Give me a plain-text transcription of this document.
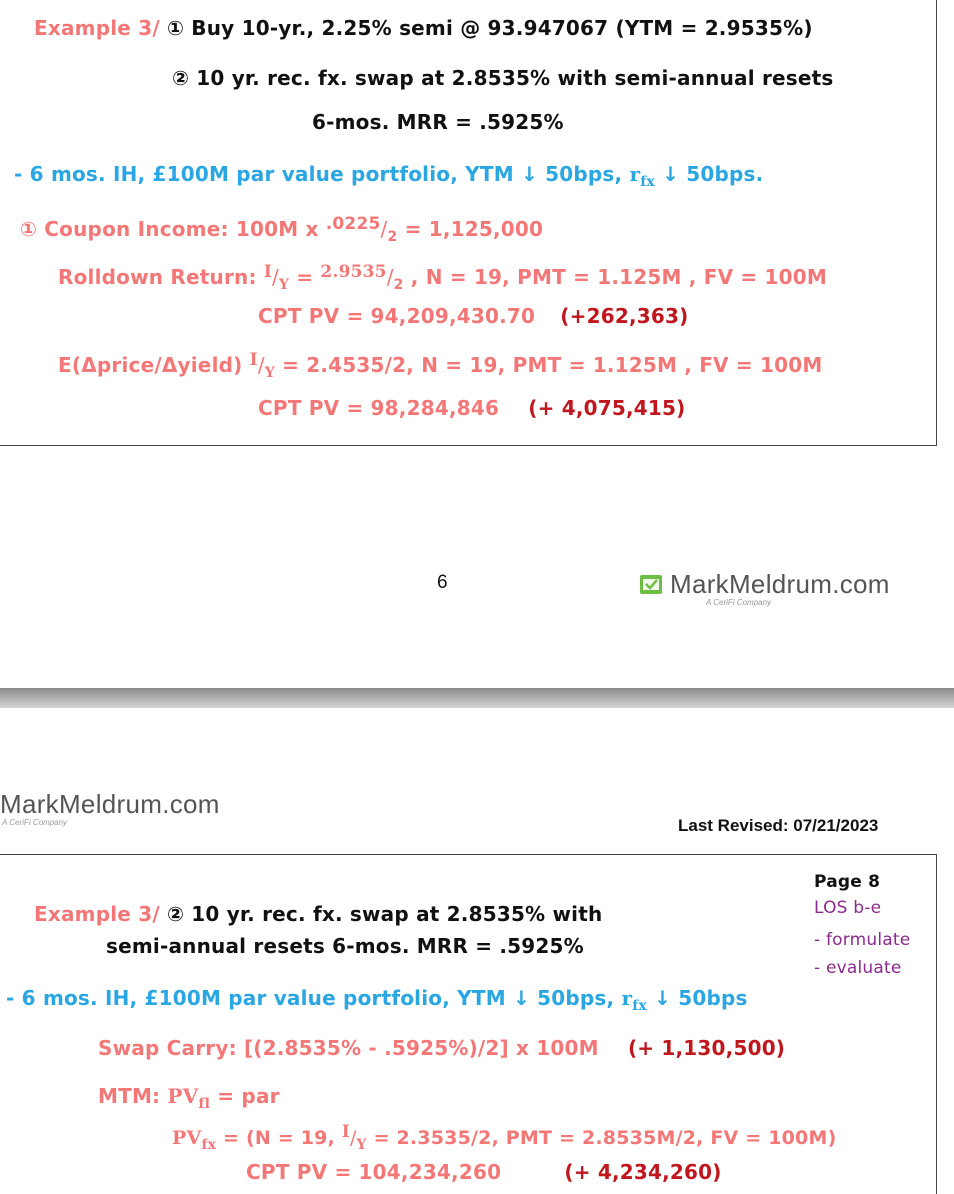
Example 3/ ① Buy 10-yr., 2.25% semi @ 93.947067 (YTM = 2.9535%)
② 10 yr. rec. fx. swap at 2.8535% with semi-annual resets
6-mos. MRR = .5925%
- 6 mos. IH, £100M par value portfolio, YTM ↓ 50bps, $r_{fx}$ ↓ 50bps.
① Coupon Income: 100M x $^{.0225}/_2 = 1,125,000$
Rolldown Return: $^I/_Y = ^{2.9535}/_2$ , N = 19, PMT = 1.125M , FV = 100M
CPT PV = 94,209,430.70 (+262,363)
E(Δprice/Δyield) $^I/_Y = 2.4535/2$, N = 19, PMT = 1.125M , FV = 100M
CPT PV = 98,284,846 (+ 4,075,415)
6	MarkMeldrum.com
A CeriFi Company
MarkMeldrum.com
A CeriFi Company	Last Revised: 07/21/2023
Page 8
LOS b-e
- formulate
- evaluate
Example 3/ ② 10 yr. rec. fx. swap at 2.8535% with
semi-annual resets 6-mos. MRR = .5925%
- 6 mos. IH, £100M par value portfolio, YTM ↓ 50bps, $r_{fx}$ ↓ 50bps
Swap Carry: [(2.8535% - .5925%)/2] x 100M (+ 1,130,500)
MTM: $PV_{fl}$ = par
$PV_{fx} = (N = 19$, $I/_Y = 2.3535/2$, PMT = 2.8535M/2, FV = 100M)
CPT PV = 104,234,260	(+ 4,234,260)
